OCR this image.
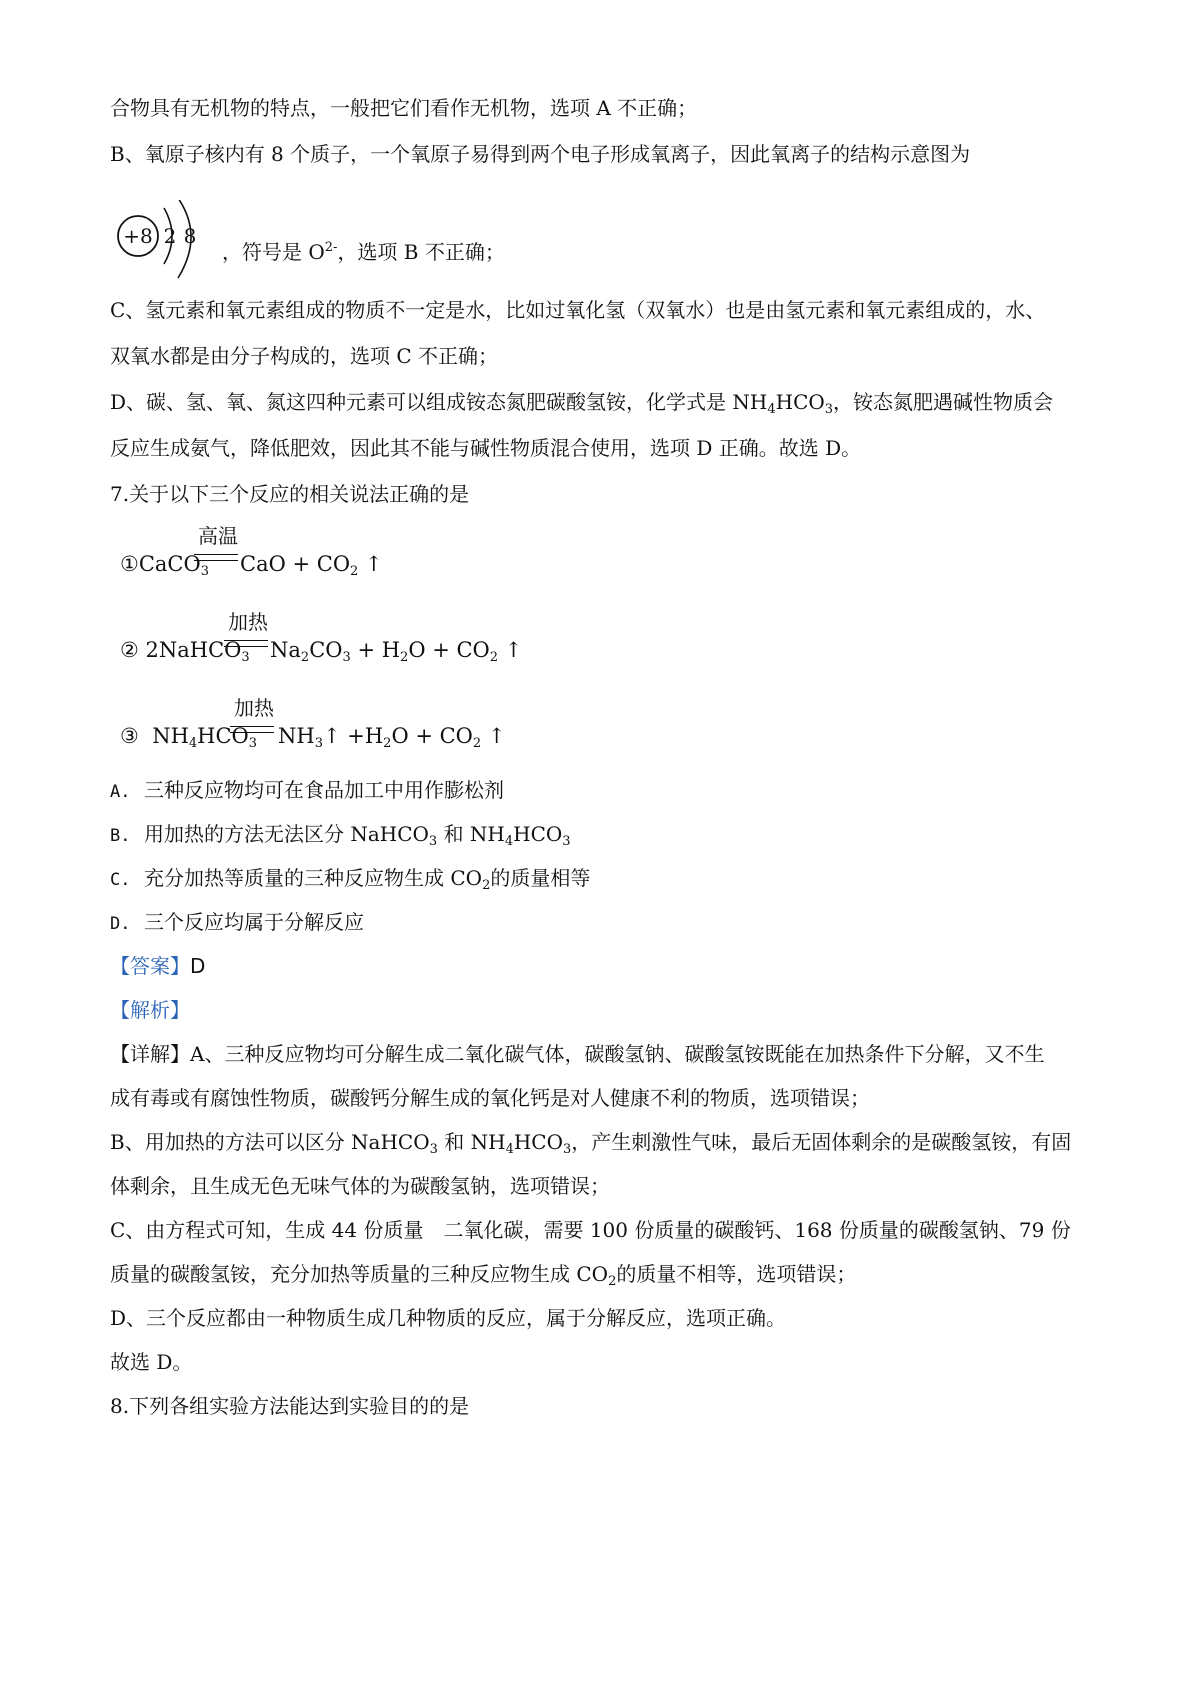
合物具有无机物的特点，一般把它们看作无机物，选项 A 不正确；
B、氧原子核内有 8 个质子，一个氧原子易得到两个电子形成氧离子，因此氧离子的结构示意图为
+8 2 8
，符号是 $O^{2-}$，选项 B 不正确；
C、氢元素和氧元素组成的物质不一定是水，比如过氧化氢（双氧水）也是由氢元素和氧元素组成的，水、
双氧水都是由分子构成的，选项 C 不正确；
D、碳、氢、氧、氮这四种元素可以组成铵态氮肥碳酸氢铵，化学式是 $NH_4HCO_3$，铵态氮肥遇碱性物质会
反应生成氨气，降低肥效，因此其不能与碱性物质混合使用，选项 D 正确。故选 D。
7.关于以下三个反应的相关说法正确的是
①CaCO$_3$
高温
CaO + $CO_2$ ↑
② 2NaHCO$_3$
加热
$Na_2CO_3 + H_2O + CO_2$ ↑
③ $NH_4HCO_3$
加热
$NH_3↑ +H_2O + CO_2$ ↑
A. 三种反应物均可在食品加工中用作膨松剂
B. 用加热的方法无法区分 NaHCO$_3$ 和 $NH_4HCO_3$
C. 充分加热等质量的三种反应物生成 $CO_2$的质量相等
D. 三个反应均属于分解反应
【答案】D
【解析】
【详解】A、三种反应物均可分解生成二氧化碳气体，碳酸氢钠、碳酸氢铵既能在加热条件下分解，又不生
成有毒或有腐蚀性物质，碳酸钙分解生成的氧化钙是对人健康不利的物质，选项错误；
B、用加热的方法可以区分 NaHCO$_3$ 和 $NH_4HCO_3$，产生刺激性气味，最后无固体剩余的是碳酸氢铵，有固
体剩余，且生成无色无味气体的为碳酸氢钠，选项错误；
C、由方程式可知，生成 44 份质量　二氧化碳，需要 100 份质量的碳酸钙、168 份质量的碳酸氢钠、79 份
质量的碳酸氢铵，充分加热等质量的三种反应物生成 $CO_2$的质量不相等，选项错误；
D、三个反应都由一种物质生成几种物质的反应，属于分解反应，选项正确。
故选 D。
8.下列各组实验方法能达到实验目的的是
